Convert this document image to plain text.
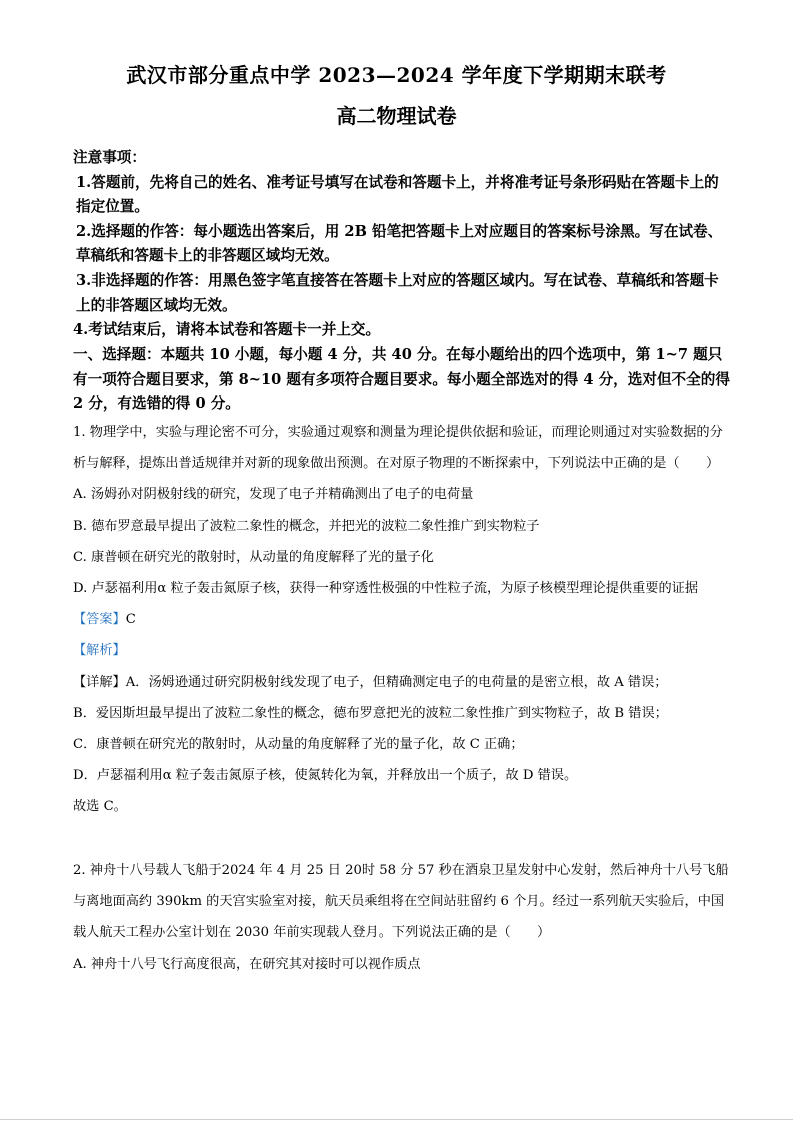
武汉市部分重点中学 2023—2024 学年度下学期期末联考
高二物理试卷

注意事项：

1.答题前，先将自己的姓名、准考证号填写在试卷和答题卡上，并将准考证号条形码贴在答题卡上的指定位置。

2.选择题的作答：每小题选出答案后，用 2B 铅笔把答题卡上对应题目的答案标号涂黑。写在试卷、草稿纸和答题卡上的非答题区域均无效。

3.非选择题的作答：用黑色签字笔直接答在答题卡上对应的答题区域内。写在试卷、草稿纸和答题卡上的非答题区域均无效。

4.考试结束后，请将本试卷和答题卡一并上交。

一、选择题：本题共 10 小题，每小题 4 分，共 40 分。在每小题给出的四个选项中，第 1~7 题只有一项符合题目要求，第 8~10 题有多项符合题目要求。每小题全部选对的得 4 分，选对但不全的得 2 分，有选错的得 0 分。

1. 物理学中，实验与理论密不可分，实验通过观察和测量为理论提供依据和验证，而理论则通过对实验数据的分析与解释，提炼出普适规律并对新的现象做出预测。在对原子物理的不断探索中，下列说法中正确的是（　　）

A. 汤姆孙对阴极射线的研究，发现了电子并精确测出了电子的电荷量

B. 德布罗意最早提出了波粒二象性的概念，并把光的波粒二象性推广到实物粒子

C. 康普顿在研究光的散射时，从动量的角度解释了光的量子化

D. 卢瑟福利用α 粒子轰击氮原子核，获得一种穿透性极强的中性粒子流，为原子核模型理论提供重要的证据

【答案】C

【解析】

【详解】A．汤姆逊通过研究阴极射线发现了电子，但精确测定电子的电荷量的是密立根，故 A 错误；

B．爱因斯坦最早提出了波粒二象性的概念，德布罗意把光的波粒二象性推广到实物粒子，故 B 错误；

C．康普顿在研究光的散射时，从动量的角度解释了光的量子化，故 C 正确；

D．卢瑟福利用α 粒子轰击氮原子核，使氮转化为氧，并释放出一个质子，故 D 错误。

故选 C。

2. 神舟十八号载人飞船于2024 年 4 月 25 日 20时 58 分 57 秒在酒泉卫星发射中心发射，然后神舟十八号飞船与离地面高约 390km 的天宫实验室对接，航天员乘组将在空间站驻留约 6 个月。经过一系列航天实验后，中国载人航天工程办公室计划在 2030 年前实现载人登月。下列说法正确的是（　　）

A. 神舟十八号飞行高度很高，在研究其对接时可以视作质点
